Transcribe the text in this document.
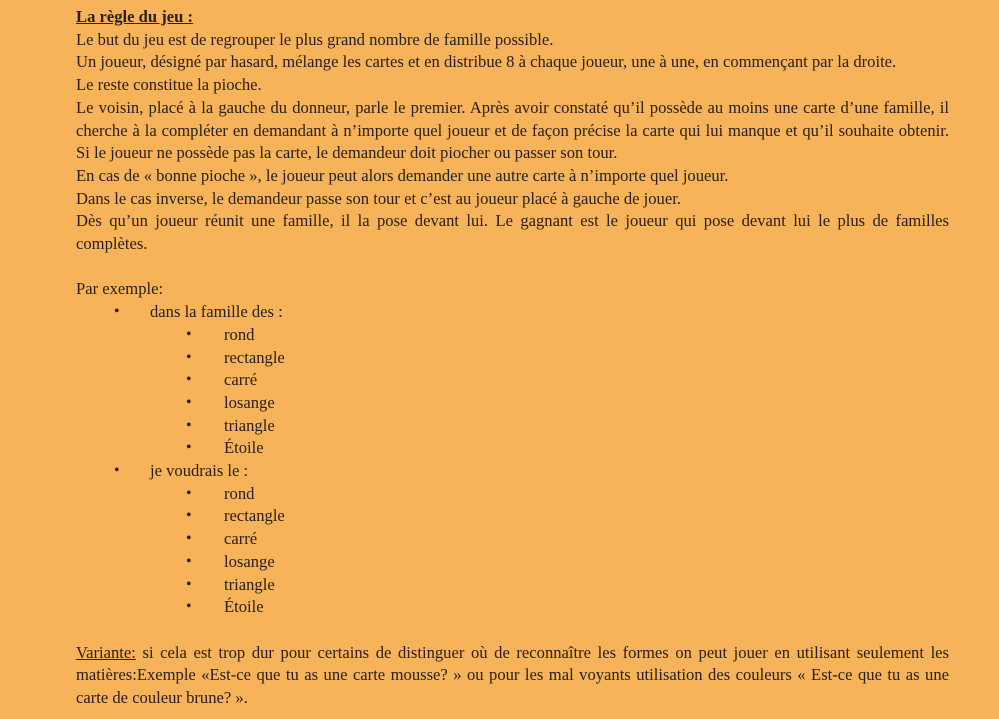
La règle du jeu :

Le but du jeu est de regrouper le plus grand nombre de famille possible.

Un joueur, désigné par hasard, mélange les cartes et en distribue 8 à chaque joueur, une à une, en commençant par la droite.

Le reste constitue la pioche.

Le voisin, placé à la gauche du donneur, parle le premier. Après avoir constaté qu’il possède au moins une carte d’une famille, il cherche à la compléter en demandant à n’importe quel joueur et de façon précise la carte qui lui manque et qu’il souhaite obtenir. Si le joueur ne possède pas la carte, le demandeur doit piocher ou passer son tour.

En cas de « bonne pioche », le joueur peut alors demander une autre carte à n’importe quel joueur.

Dans le cas inverse, le demandeur passe son tour et c’est au joueur placé à gauche de jouer.

Dès qu’un joueur réunit une famille, il la pose devant lui. Le gagnant est le joueur qui pose devant lui le plus de familles complètes.

Par exemple:

• dans la famille des :
• rond
• rectangle
• carré
• losange
• triangle
• Étoile
• je voudrais le :
• rond
• rectangle
• carré
• losange
• triangle
• Étoile

Variante: si cela est trop dur pour certains de distinguer où de reconnaître les formes on peut jouer en utilisant seulement les matières:Exemple «Est-ce que tu as une carte mousse? » ou pour les mal voyants utilisation des couleurs « Est-ce que tu as une carte de couleur brune? ».
